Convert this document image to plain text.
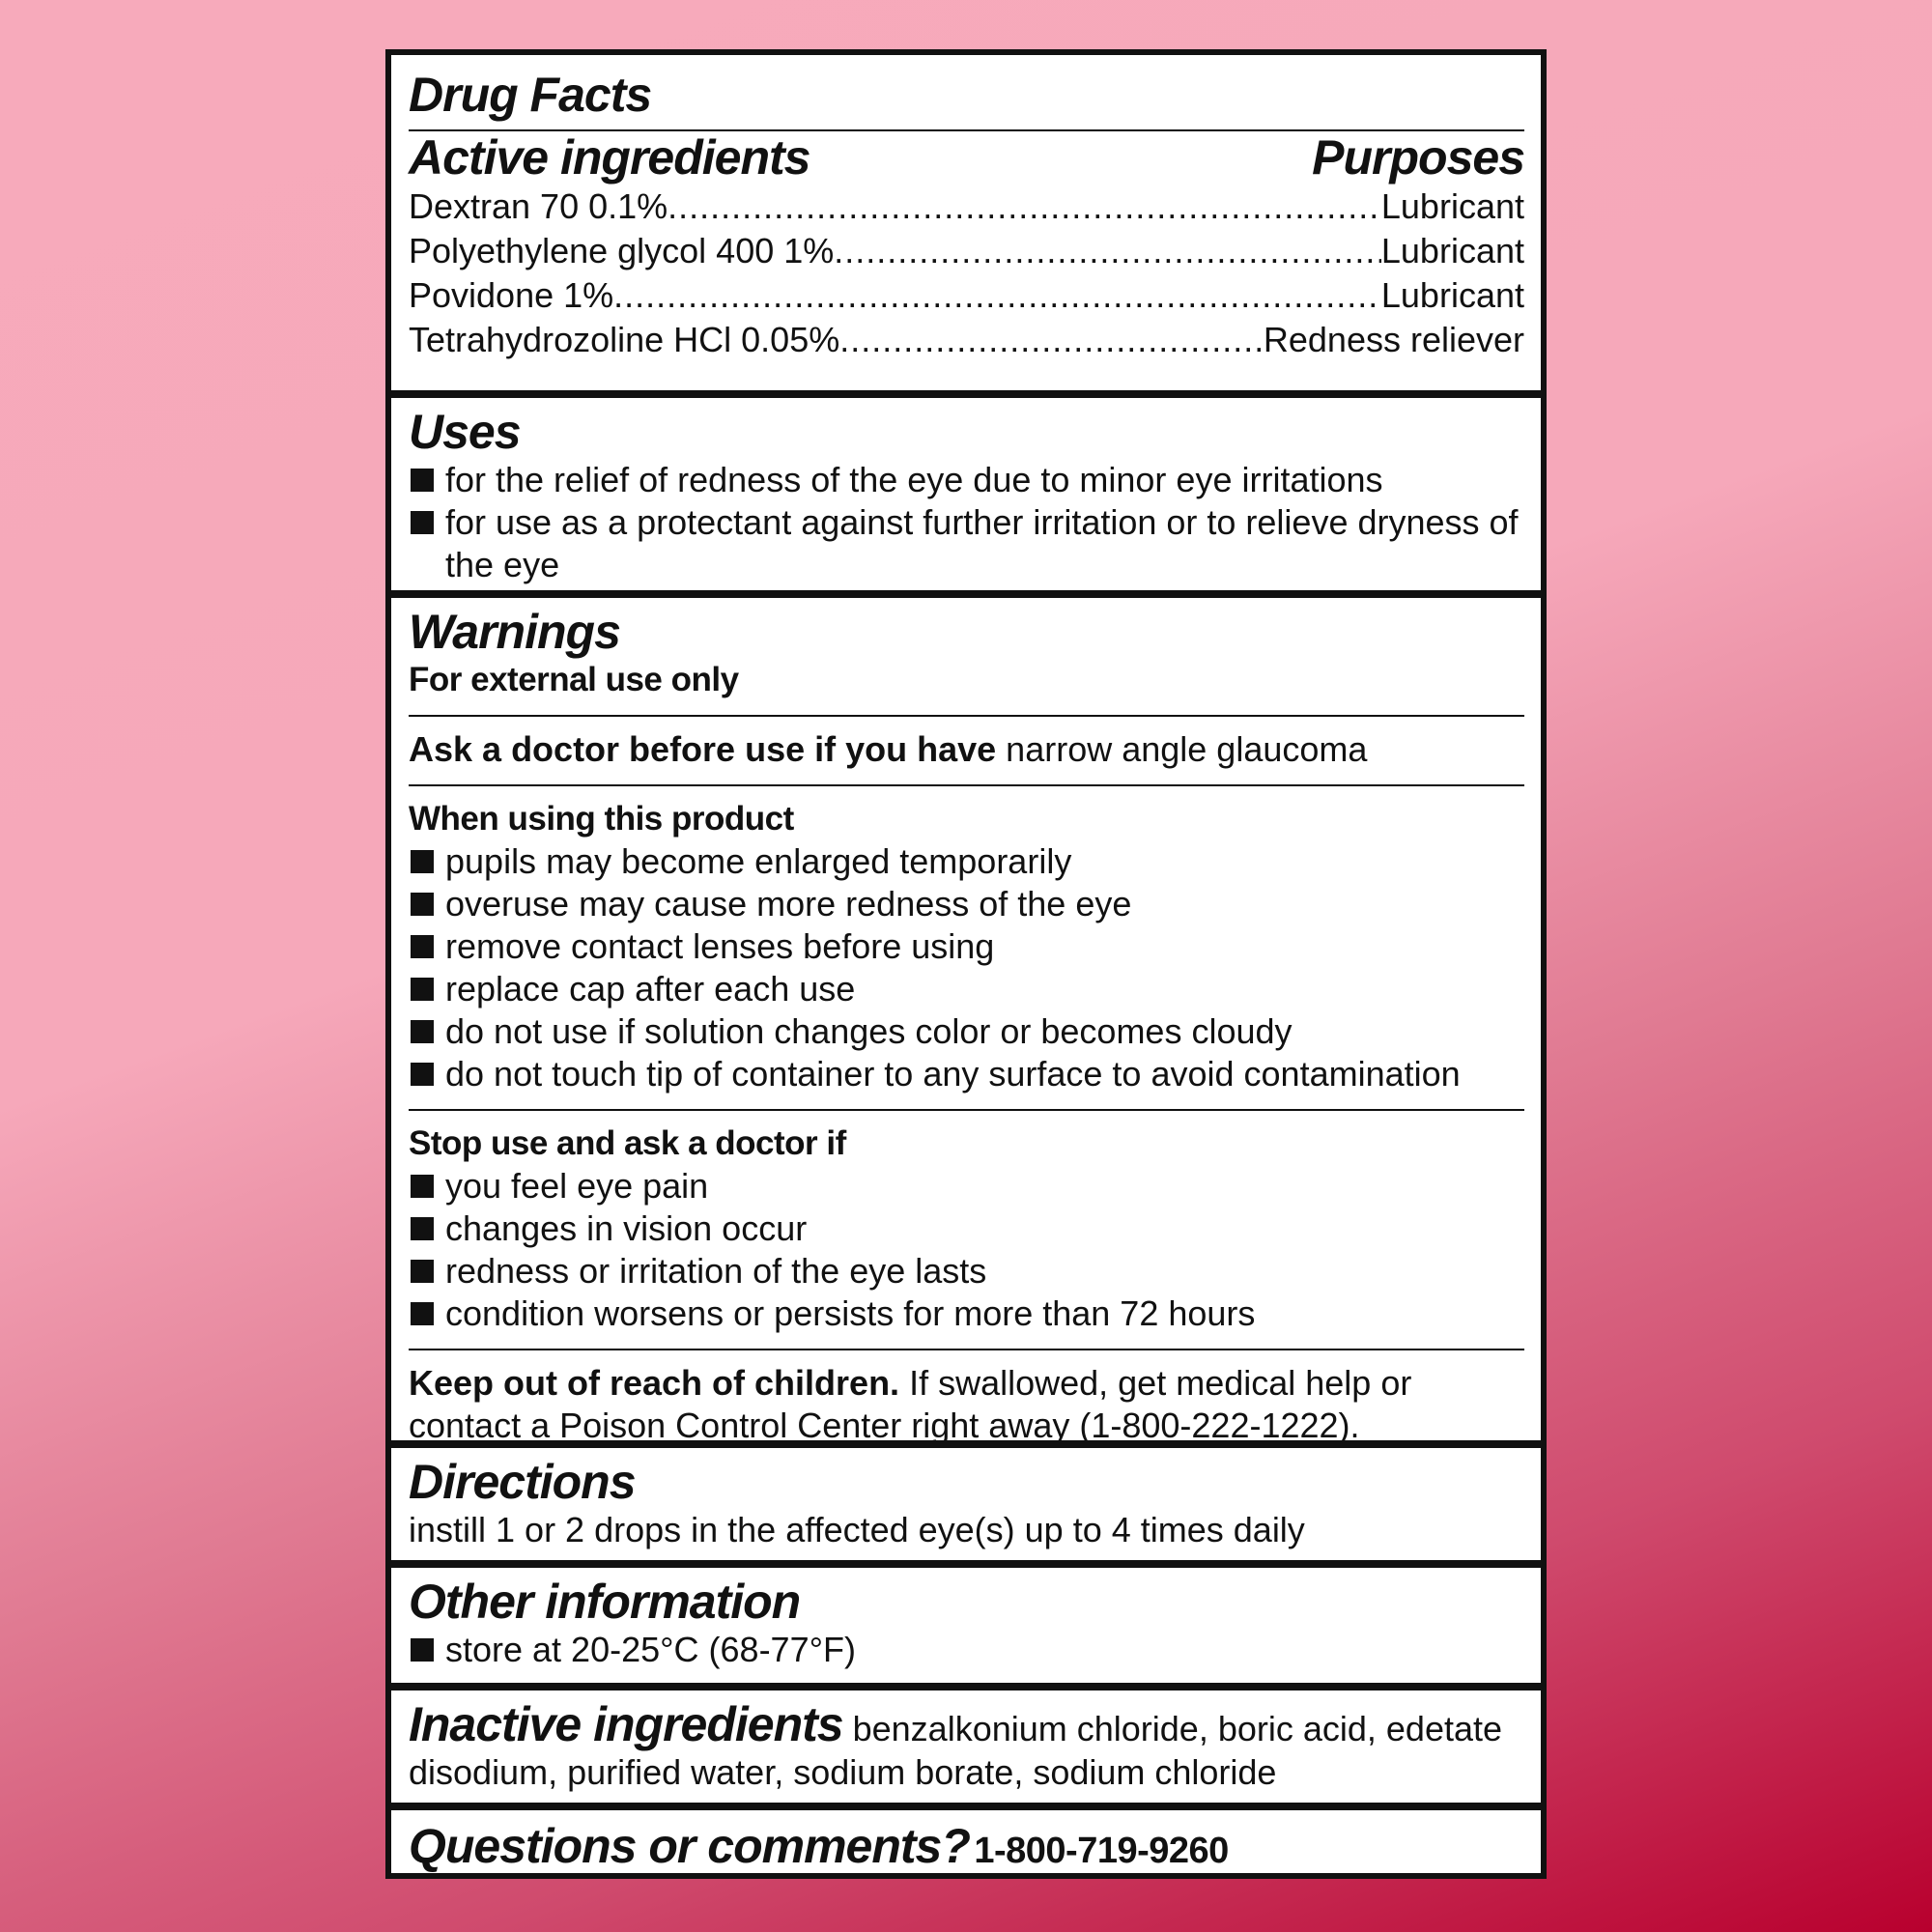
Drug Facts
Active ingredients	Purposes
Dextran 70 0.1% .....	Lubricant
Polyethylene glycol 400 1% .....	Lubricant
Povidone 1% .....	Lubricant
Tetrahydrozoline HCl 0.05% .....	Redness reliever
Uses
for the relief of redness of the eye due to minor eye irritations
for use as a protectant against further irritation or to relieve dryness of the eye
Warnings
For external use only
Ask a doctor before use if you have narrow angle glaucoma
When using this product
pupils may become enlarged temporarily
overuse may cause more redness of the eye
remove contact lenses before using
replace cap after each use
do not use if solution changes color or becomes cloudy
do not touch tip of container to any surface to avoid contamination
Stop use and ask a doctor if
you feel eye pain
changes in vision occur
redness or irritation of the eye lasts
condition worsens or persists for more than 72 hours
Keep out of reach of children. If swallowed, get medical help or contact a Poison Control Center right away (1-800-222-1222).
Directions
instill 1 or 2 drops in the affected eye(s) up to 4 times daily
Other information
store at 20-25°C (68-77°F)
Inactive ingredients benzalkonium chloride, boric acid, edetate disodium, purified water, sodium borate, sodium chloride
Questions or comments? 1-800-719-9260
